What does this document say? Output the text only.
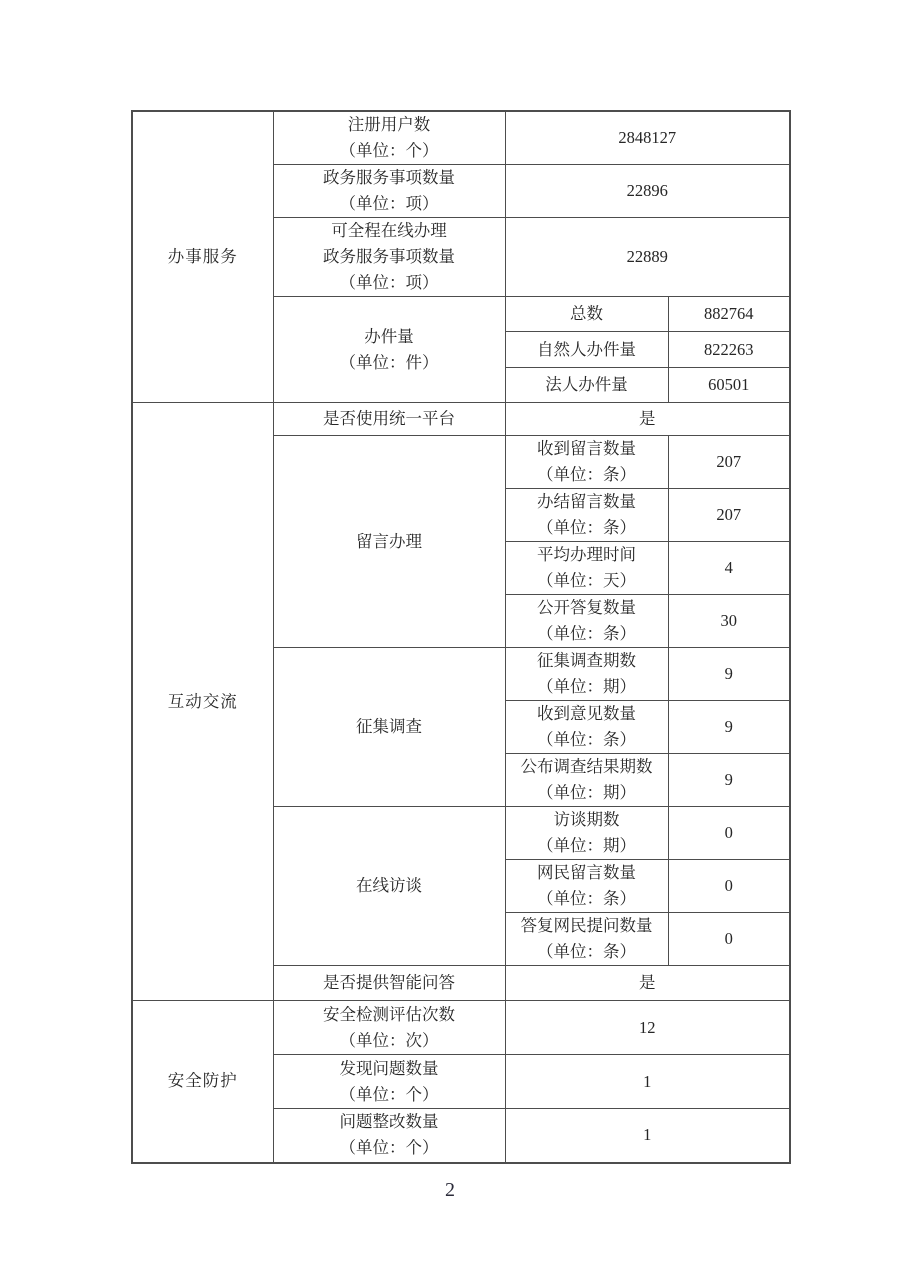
办事服务	注册用户数
（单位：个）	2848127	

	政务服务事项数量
（单位：项）	22896	

	可全程在线办理
政务服务事项数量
（单位：项）	22889	

	办件量
（单位：件）	总数	882764
		自然人办件量	822263
		法人办件量	60501
互动交流	是否使用统一平台	是	
	留言办理	收到留言数量
（单位：条）	207

		办结留言数量
（单位：条）	207

		平均办理时间
（单位：天）	4

		公开答复数量
（单位：条）	30
	征集调查	征集调查期数
（单位：期）	9

		收到意见数量
（单位：条）	9

		公布调查结果期数
（单位：期）	9
	在线访谈	访谈期数
（单位：期）	0

		网民留言数量
（单位：条）	0

		答复网民提问数量
（单位：条）	0
	是否提供智能问答	是	
安全防护	安全检测评估次数
（单位：次）	12	

	发现问题数量
（单位：个）	1	

	问题整改数量
（单位：个）	1	
2
